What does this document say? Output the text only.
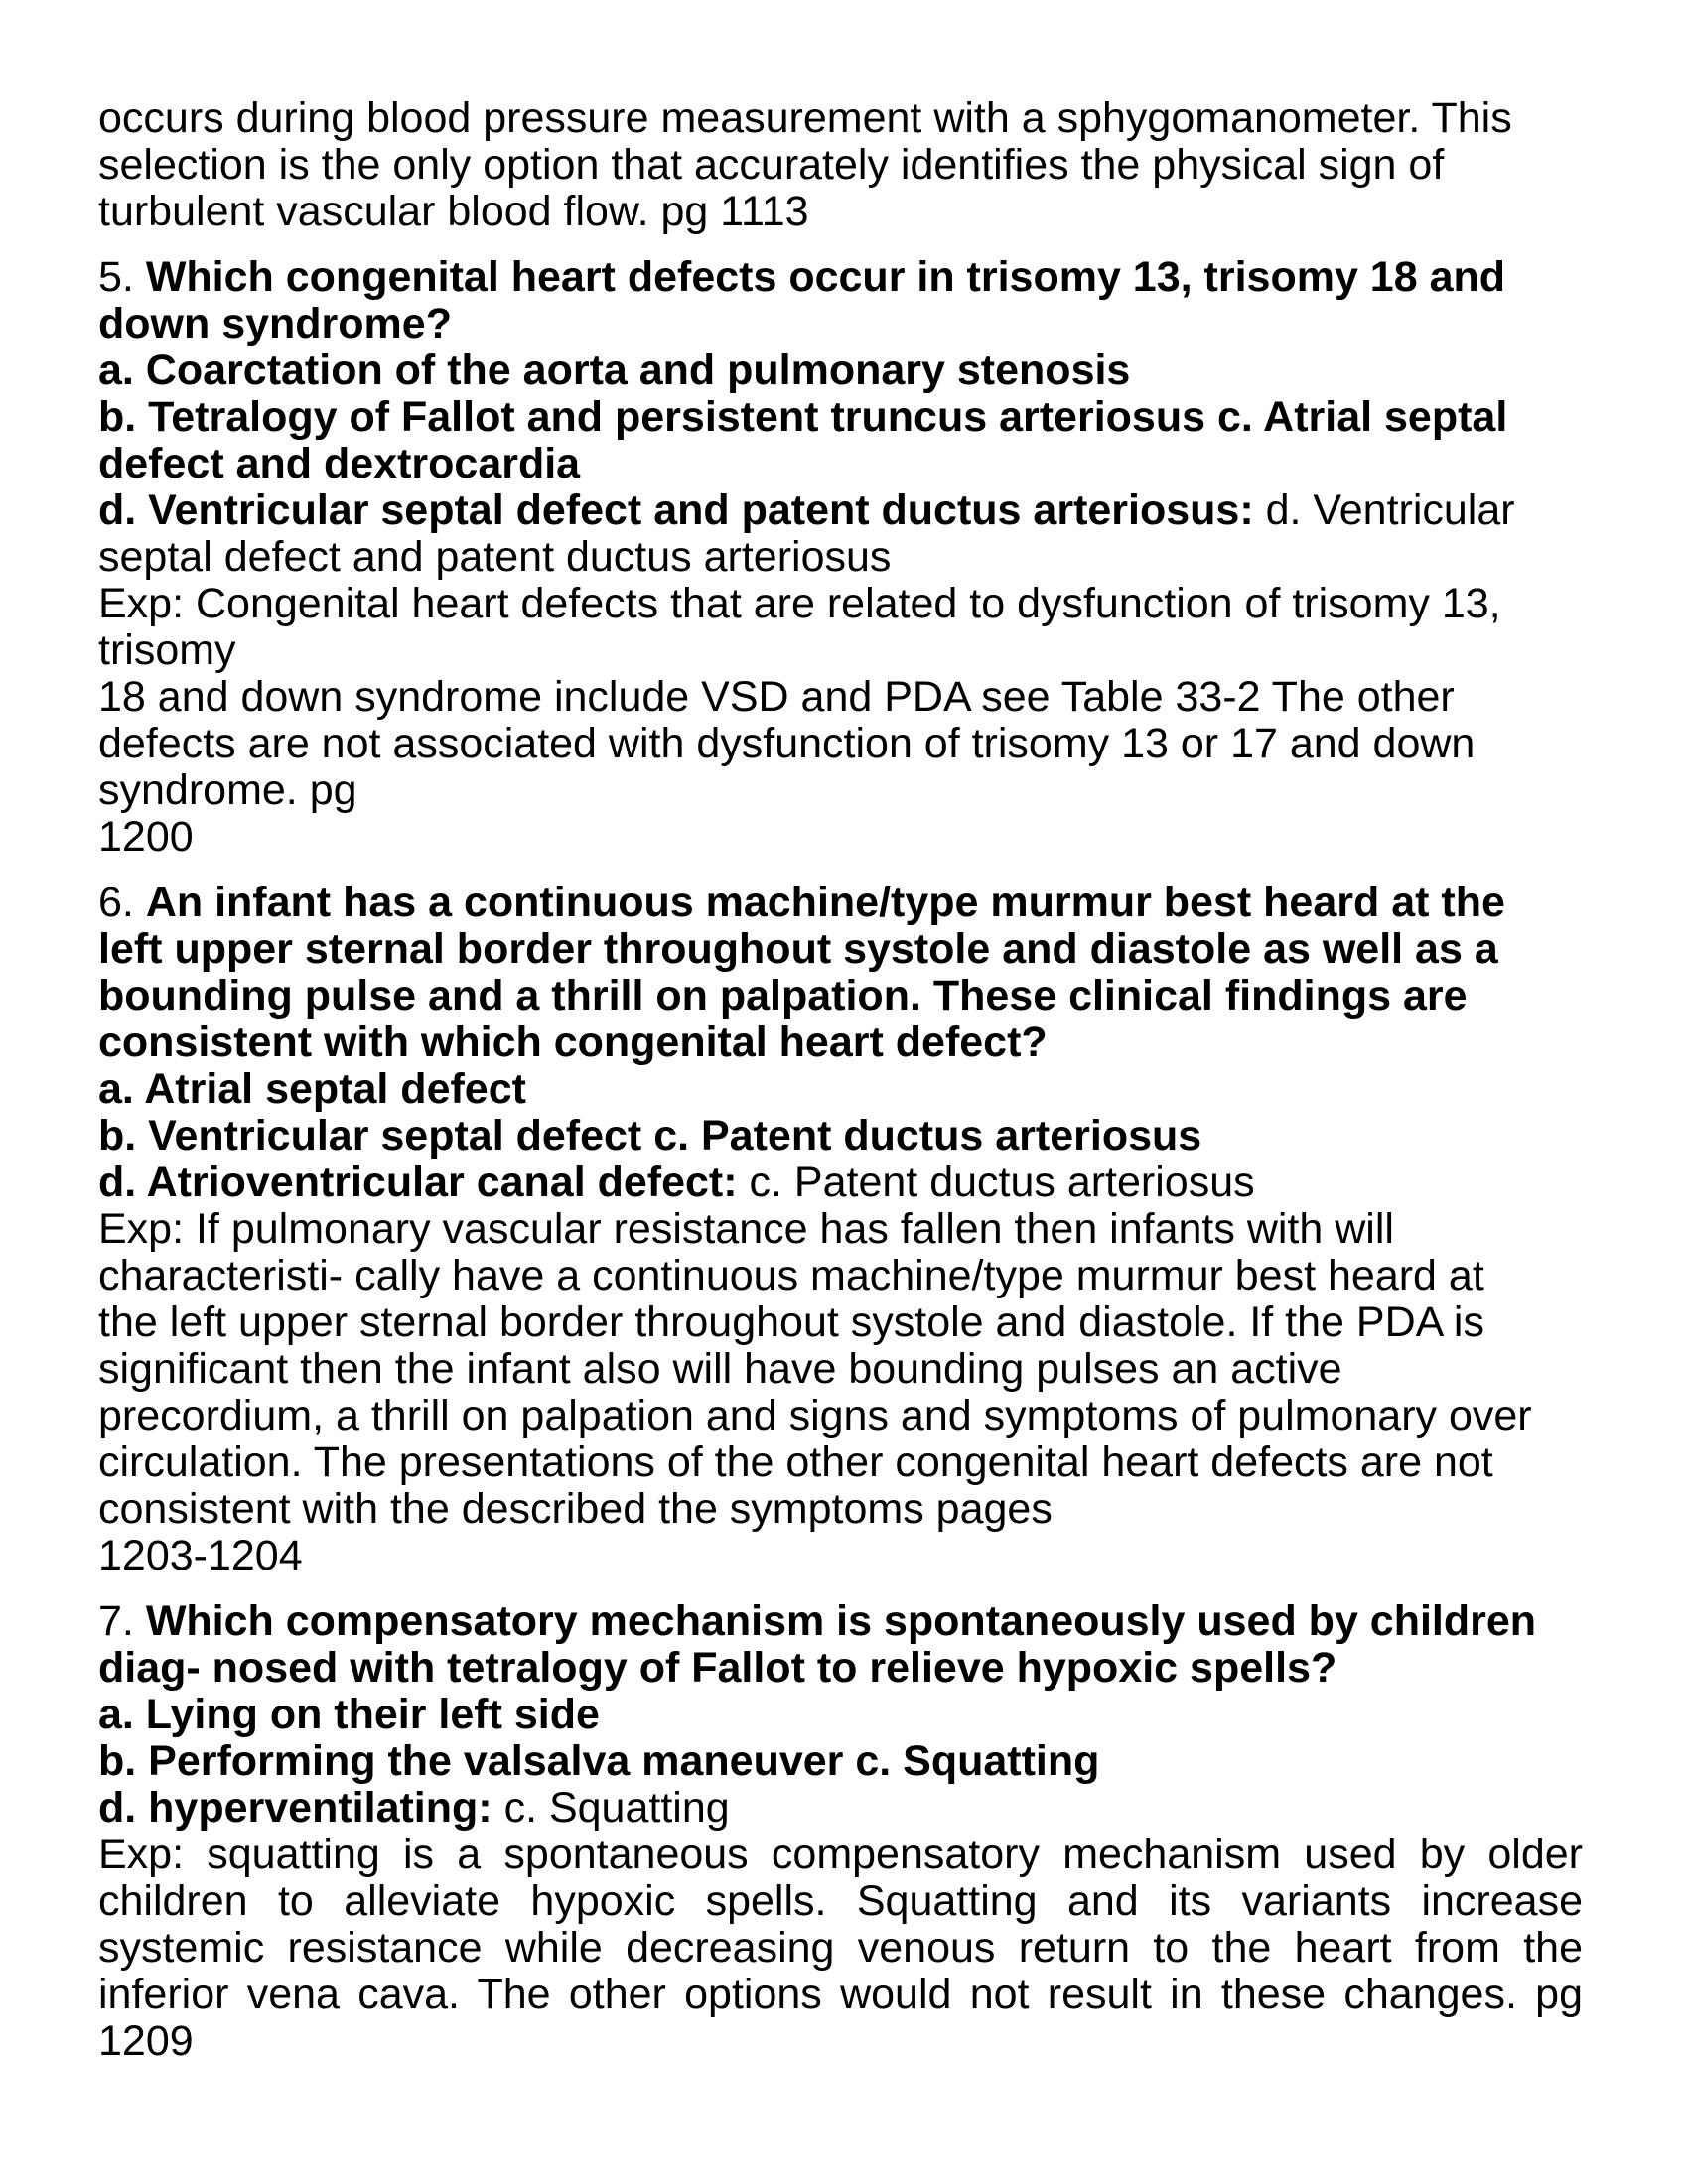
occurs during blood pressure measurement with a sphygomanometer. This

selection is the only option that accurately identifies the physical sign of

turbulent vascular blood flow. pg 1113

5. Which congenital heart defects occur in trisomy 13, trisomy 18 and

down syndrome?

a. Coarctation of the aorta and pulmonary stenosis

b. Tetralogy of Fallot and persistent truncus arteriosus c. Atrial septal

defect and dextrocardia

d. Ventricular septal defect and patent ductus arteriosus: d. Ventricular

septal defect and patent ductus arteriosus

Exp: Congenital heart defects that are related to dysfunction of trisomy 13,

trisomy

18 and down syndrome include VSD and PDA see Table 33-2 The other

defects are not associated with dysfunction of trisomy 13 or 17 and down

syndrome. pg

1200

6. An infant has a continuous machine/type murmur best heard at the

left upper sternal border throughout systole and diastole as well as a

bounding pulse and a thrill on palpation. These clinical findings are

consistent with which congenital heart defect?

a. Atrial septal defect

b. Ventricular septal defect c. Patent ductus arteriosus

d. Atrioventricular canal defect: c. Patent ductus arteriosus

Exp: If pulmonary vascular resistance has fallen then infants with will

characteristi- cally have a continuous machine/type murmur best heard at

the left upper sternal border throughout systole and diastole. If the PDA is

significant then the infant also will have bounding pulses an active

precordium, a thrill on palpation and signs and symptoms of pulmonary over

circulation. The presentations of the other congenital heart defects are not

consistent with the described the symptoms pages

1203-1204

7. Which compensatory mechanism is spontaneously used by children

diag- nosed with tetralogy of Fallot to relieve hypoxic spells?

a. Lying on their left side

b. Performing the valsalva maneuver c. Squatting

d. hyperventilating: c. Squatting

Exp: squatting is a spontaneous compensatory mechanism used by older
children to alleviate hypoxic spells. Squatting and its variants increase
systemic resistance while decreasing venous return to the heart from the
inferior vena cava. The other options would not result in these changes. pg

1209
